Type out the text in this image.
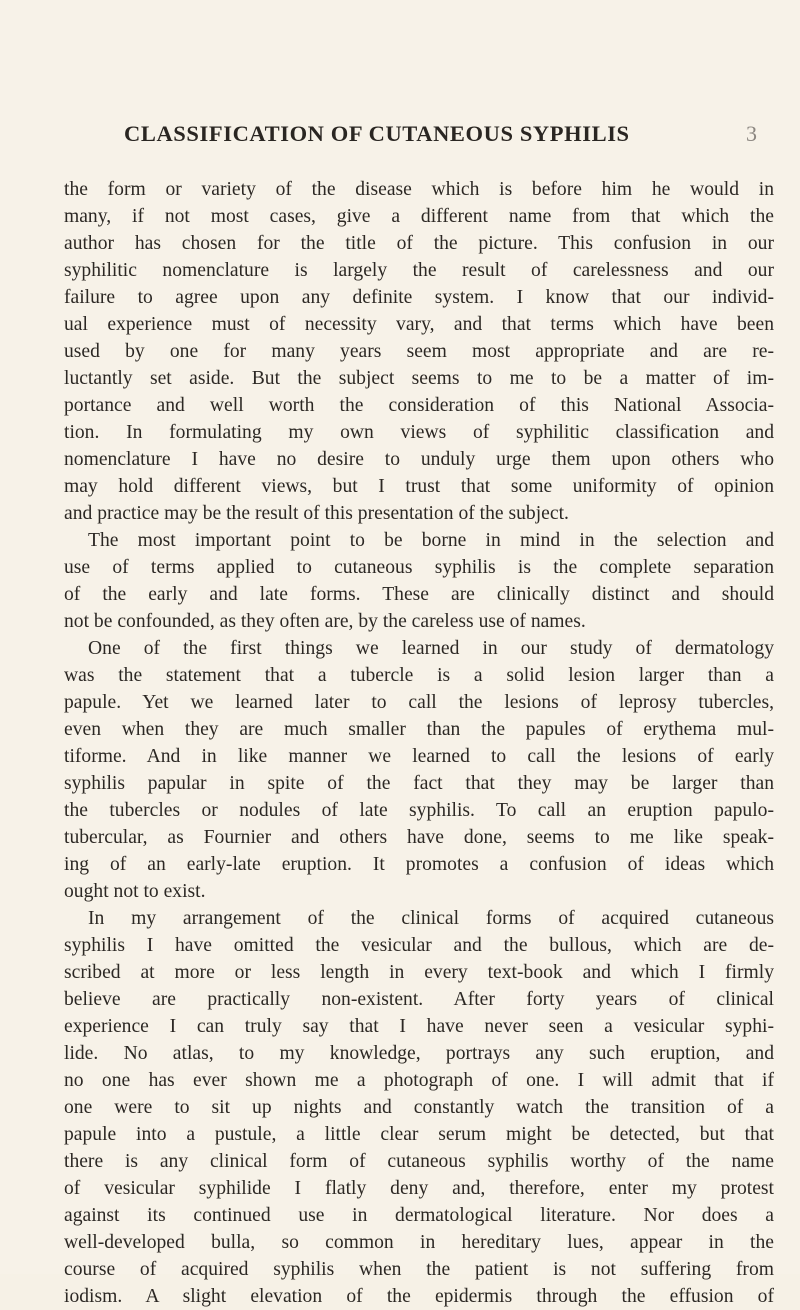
CLASSIFICATION OF CUTANEOUS SYPHILIS	3
the form or variety of the disease which is before him he would in
many, if not most cases, give a different name from that which the
author has chosen for the title of the picture. This confusion in our
syphilitic nomenclature is largely the result of carelessness and our
failure to agree upon any definite system. I know that our individ-
ual experience must of necessity vary, and that terms which have been
used by one for many years seem most appropriate and are re-
luctantly set aside. But the subject seems to me to be a matter of im-
portance and well worth the consideration of this National Associa-
tion. In formulating my own views of syphilitic classification and
nomenclature I have no desire to unduly urge them upon others who
may hold different views, but I trust that some uniformity of opinion
and practice may be the result of this presentation of the subject.
The most important point to be borne in mind in the selection and
use of terms applied to cutaneous syphilis is the complete separation
of the early and late forms. These are clinically distinct and should
not be confounded, as they often are, by the careless use of names.
One of the first things we learned in our study of dermatology
was the statement that a tubercle is a solid lesion larger than a
papule. Yet we learned later to call the lesions of leprosy tubercles,
even when they are much smaller than the papules of erythema mul-
tiforme. And in like manner we learned to call the lesions of early
syphilis papular in spite of the fact that they may be larger than
the tubercles or nodules of late syphilis. To call an eruption papulo-
tubercular, as Fournier and others have done, seems to me like speak-
ing of an early-late eruption. It promotes a confusion of ideas which
ought not to exist.
In my arrangement of the clinical forms of acquired cutaneous
syphilis I have omitted the vesicular and the bullous, which are de-
scribed at more or less length in every text-book and which I firmly
believe are practically non-existent. After forty years of clinical
experience I can truly say that I have never seen a vesicular syphi-
lide. No atlas, to my knowledge, portrays any such eruption, and
no one has ever shown me a photograph of one. I will admit that if
one were to sit up nights and constantly watch the transition of a
papule into a pustule, a little clear serum might be detected, but that
there is any clinical form of cutaneous syphilis worthy of the name
of vesicular syphilide I flatly deny and, therefore, enter my protest
against its continued use in dermatological literature. Nor does a
well-developed bulla, so common in hereditary lues, appear in the
course of acquired syphilis when the patient is not suffering from
iodism. A slight elevation of the epidermis through the effusion of
